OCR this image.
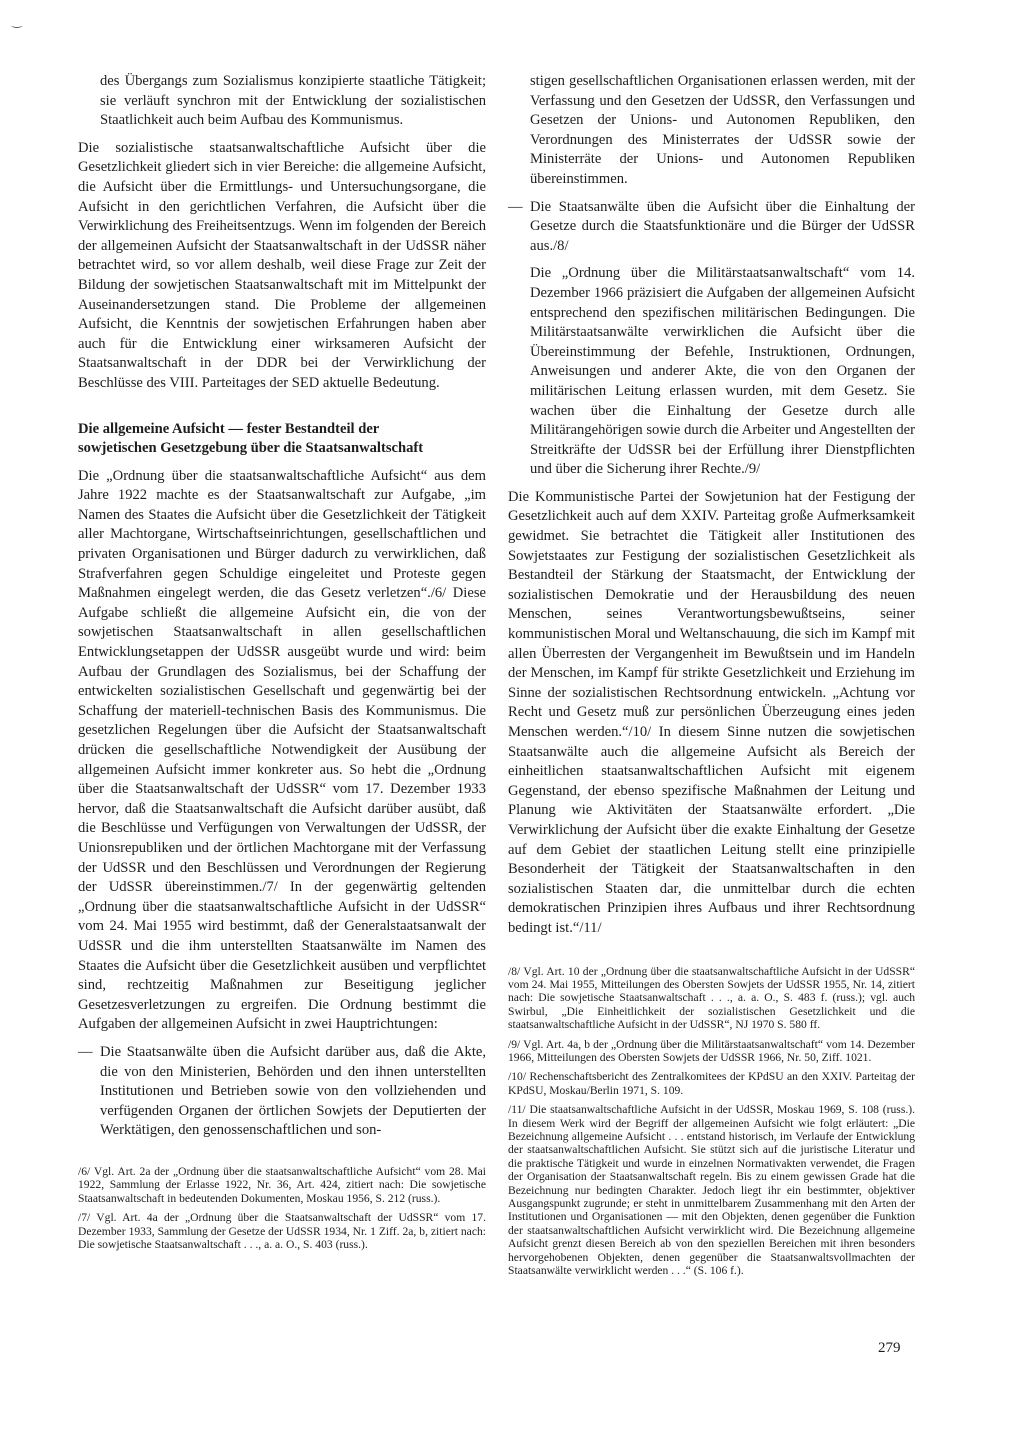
‿

des Übergangs zum Sozialismus konzipierte staatliche Tätigkeit; sie verläuft synchron mit der Entwicklung der sozialistischen Staatlichkeit auch beim Aufbau des Kommunismus.

Die sozialistische staatsanwaltschaftliche Aufsicht über die Gesetzlichkeit gliedert sich in vier Bereiche: die allgemeine Aufsicht, die Aufsicht über die Ermittlungs- und Untersuchungsorgane, die Aufsicht in den gerichtlichen Verfahren, die Aufsicht über die Verwirklichung des Freiheitsentzugs. Wenn im folgenden der Bereich der allgemeinen Aufsicht der Staatsanwaltschaft in der UdSSR näher betrachtet wird, so vor allem deshalb, weil diese Frage zur Zeit der Bildung der sowjetischen Staatsanwaltschaft mit im Mittelpunkt der Auseinandersetzungen stand. Die Probleme der allgemeinen Aufsicht, die Kenntnis der sowjetischen Erfahrungen haben aber auch für die Entwicklung einer wirksameren Aufsicht der Staatsanwaltschaft in der DDR bei der Verwirklichung der Beschlüsse des VIII. Parteitages der SED aktuelle Bedeutung.

Die allgemeine Aufsicht — fester Bestandteil der
sowjetischen Gesetzgebung über die Staatsanwaltschaft

Die „Ordnung über die staatsanwaltschaftliche Aufsicht“ aus dem Jahre 1922 machte es der Staatsanwaltschaft zur Aufgabe, „im Namen des Staates die Aufsicht über die Gesetzlichkeit der Tätigkeit aller Machtorgane, Wirtschaftseinrichtungen, gesellschaftlichen und privaten Organisationen und Bürger dadurch zu verwirklichen, daß Strafverfahren gegen Schuldige eingeleitet und Proteste gegen Maßnahmen eingelegt werden, die das Gesetz verletzen“./6/ Diese Aufgabe schließt die allgemeine Aufsicht ein, die von der sowjetischen Staatsanwaltschaft in allen gesellschaftlichen Entwicklungsetappen der UdSSR ausgeübt wurde und wird: beim Aufbau der Grundlagen des Sozialismus, bei der Schaffung der entwickelten sozialistischen Gesellschaft und gegenwärtig bei der Schaffung der materiell-technischen Basis des Kommunismus. Die gesetzlichen Regelungen über die Aufsicht der Staatsanwaltschaft drücken die gesellschaftliche Notwendigkeit der Ausübung der allgemeinen Aufsicht immer konkreter aus. So hebt die „Ordnung über die Staatsanwaltschaft der UdSSR“ vom 17. Dezember 1933 hervor, daß die Staatsanwaltschaft die Aufsicht darüber ausübt, daß die Beschlüsse und Verfügungen von Verwaltungen der UdSSR, der Unionsrepubliken und der örtlichen Machtorgane mit der Verfassung der UdSSR und den Beschlüssen und Verordnungen der Regierung der UdSSR übereinstimmen./7/ In der gegenwärtig geltenden „Ordnung über die staatsanwaltschaftliche Aufsicht in der UdSSR“ vom 24. Mai 1955 wird bestimmt, daß der Generalstaatsanwalt der UdSSR und die ihm unterstellten Staatsanwälte im Namen des Staates die Aufsicht über die Gesetzlichkeit ausüben und verpflichtet sind, rechtzeitig Maßnahmen zur Beseitigung jeglicher Gesetzesverletzungen zu ergreifen. Die Ordnung bestimmt die Aufgaben der allgemeinen Aufsicht in zwei Hauptrichtungen:

— Die Staatsanwälte üben die Aufsicht darüber aus, daß die Akte, die von den Ministerien, Behörden und den ihnen unterstellten Institutionen und Betrieben sowie von den vollziehenden und verfügenden Organen der örtlichen Sowjets der Deputierten der Werktätigen, den genossenschaftlichen und son-

/6/ Vgl. Art. 2a der „Ordnung über die staatsanwaltschaftliche Aufsicht“ vom 28. Mai 1922, Sammlung der Erlasse 1922, Nr. 36, Art. 424, zitiert nach: Die sowjetische Staatsanwaltschaft in bedeutenden Dokumenten, Moskau 1956, S. 212 (russ.).

/7/ Vgl. Art. 4a der „Ordnung über die Staatsanwaltschaft der UdSSR“ vom 17. Dezember 1933, Sammlung der Gesetze der UdSSR 1934, Nr. 1 Ziff. 2a, b, zitiert nach: Die sowjetische Staatsanwaltschaft . . ., a. a. O., S. 403 (russ.).

stigen gesellschaftlichen Organisationen erlassen werden, mit der Verfassung und den Gesetzen der UdSSR, den Verfassungen und Gesetzen der Unions- und Autonomen Republiken, den Verordnungen des Ministerrates der UdSSR sowie der Ministerräte der Unions- und Autonomen Republiken übereinstimmen.

— Die Staatsanwälte üben die Aufsicht über die Einhaltung der Gesetze durch die Staatsfunktionäre und die Bürger der UdSSR aus./8/

Die „Ordnung über die Militärstaatsanwaltschaft“ vom 14. Dezember 1966 präzisiert die Aufgaben der allgemeinen Aufsicht entsprechend den spezifischen militärischen Bedingungen. Die Militärstaatsanwälte verwirklichen die Aufsicht über die Übereinstimmung der Befehle, Instruktionen, Ordnungen, Anweisungen und anderer Akte, die von den Organen der militärischen Leitung erlassen wurden, mit dem Gesetz. Sie wachen über die Einhaltung der Gesetze durch alle Militärangehörigen sowie durch die Arbeiter und Angestellten der Streitkräfte der UdSSR bei der Erfüllung ihrer Dienstpflichten und über die Sicherung ihrer Rechte./9/

Die Kommunistische Partei der Sowjetunion hat der Festigung der Gesetzlichkeit auch auf dem XXIV. Parteitag große Aufmerksamkeit gewidmet. Sie betrachtet die Tätigkeit aller Institutionen des Sowjetstaates zur Festigung der sozialistischen Gesetzlichkeit als Bestandteil der Stärkung der Staatsmacht, der Entwicklung der sozialistischen Demokratie und der Herausbildung des neuen Menschen, seines Verantwortungsbewußtseins, seiner kommunistischen Moral und Weltanschauung, die sich im Kampf mit allen Überresten der Vergangenheit im Bewußtsein und im Handeln der Menschen, im Kampf für strikte Gesetzlichkeit und Erziehung im Sinne der sozialistischen Rechtsordnung entwickeln. „Achtung vor Recht und Gesetz muß zur persönlichen Überzeugung eines jeden Menschen werden.“/10/ In diesem Sinne nutzen die sowjetischen Staatsanwälte auch die allgemeine Aufsicht als Bereich der einheitlichen staatsanwaltschaftlichen Aufsicht mit eigenem Gegenstand, der ebenso spezifische Maßnahmen der Leitung und Planung wie Aktivitäten der Staatsanwälte erfordert. „Die Verwirklichung der Aufsicht über die exakte Einhaltung der Gesetze auf dem Gebiet der staatlichen Leitung stellt eine prinzipielle Besonderheit der Tätigkeit der Staatsanwaltschaften in den sozialistischen Staaten dar, die unmittelbar durch die echten demokratischen Prinzipien ihres Aufbaus und ihrer Rechtsordnung bedingt ist.“/11/

/8/ Vgl. Art. 10 der „Ordnung über die staatsanwaltschaftliche Aufsicht in der UdSSR“ vom 24. Mai 1955, Mitteilungen des Obersten Sowjets der UdSSR 1955, Nr. 14, zitiert nach: Die sowjetische Staatsanwaltschaft . . ., a. a. O., S. 483 f. (russ.); vgl. auch Swirbul, „Die Einheitlichkeit der sozialistischen Gesetzlichkeit und die staatsanwaltschaftliche Aufsicht in der UdSSR“, NJ 1970 S. 580 ff.

/9/ Vgl. Art. 4a, b der „Ordnung über die Militärstaatsanwaltschaft“ vom 14. Dezember 1966, Mitteilungen des Obersten Sowjets der UdSSR 1966, Nr. 50, Ziff. 1021.

/10/ Rechenschaftsbericht des Zentralkomitees der KPdSU an den XXIV. Parteitag der KPdSU, Moskau/Berlin 1971, S. 109.

/11/ Die staatsanwaltschaftliche Aufsicht in der UdSSR, Moskau 1969, S. 108 (russ.). In diesem Werk wird der Begriff der allgemeinen Aufsicht wie folgt erläutert: „Die Bezeichnung allgemeine Aufsicht . . . entstand historisch, im Verlaufe der Entwicklung der staatsanwaltschaftlichen Aufsicht. Sie stützt sich auf die juristische Literatur und die praktische Tätigkeit und wurde in einzelnen Normativakten verwendet, die Fragen der Organisation der Staatsanwaltschaft regeln. Bis zu einem gewissen Grade hat die Bezeichnung nur bedingten Charakter. Jedoch liegt ihr ein bestimmter, objektiver Ausgangspunkt zugrunde; er steht in unmittelbarem Zusammenhang mit den Arten der Institutionen und Organisationen — mit den Objekten, denen gegenüber die Funktion der staatsanwaltschaftlichen Aufsicht verwirklicht wird. Die Bezeichnung allgemeine Aufsicht grenzt diesen Bereich ab von den speziellen Bereichen mit ihren besonders hervorgehobenen Objekten, denen gegenüber die Staatsanwaltsvollmachten der Staatsanwälte verwirklicht werden . . .“ (S. 106 f.).

279
